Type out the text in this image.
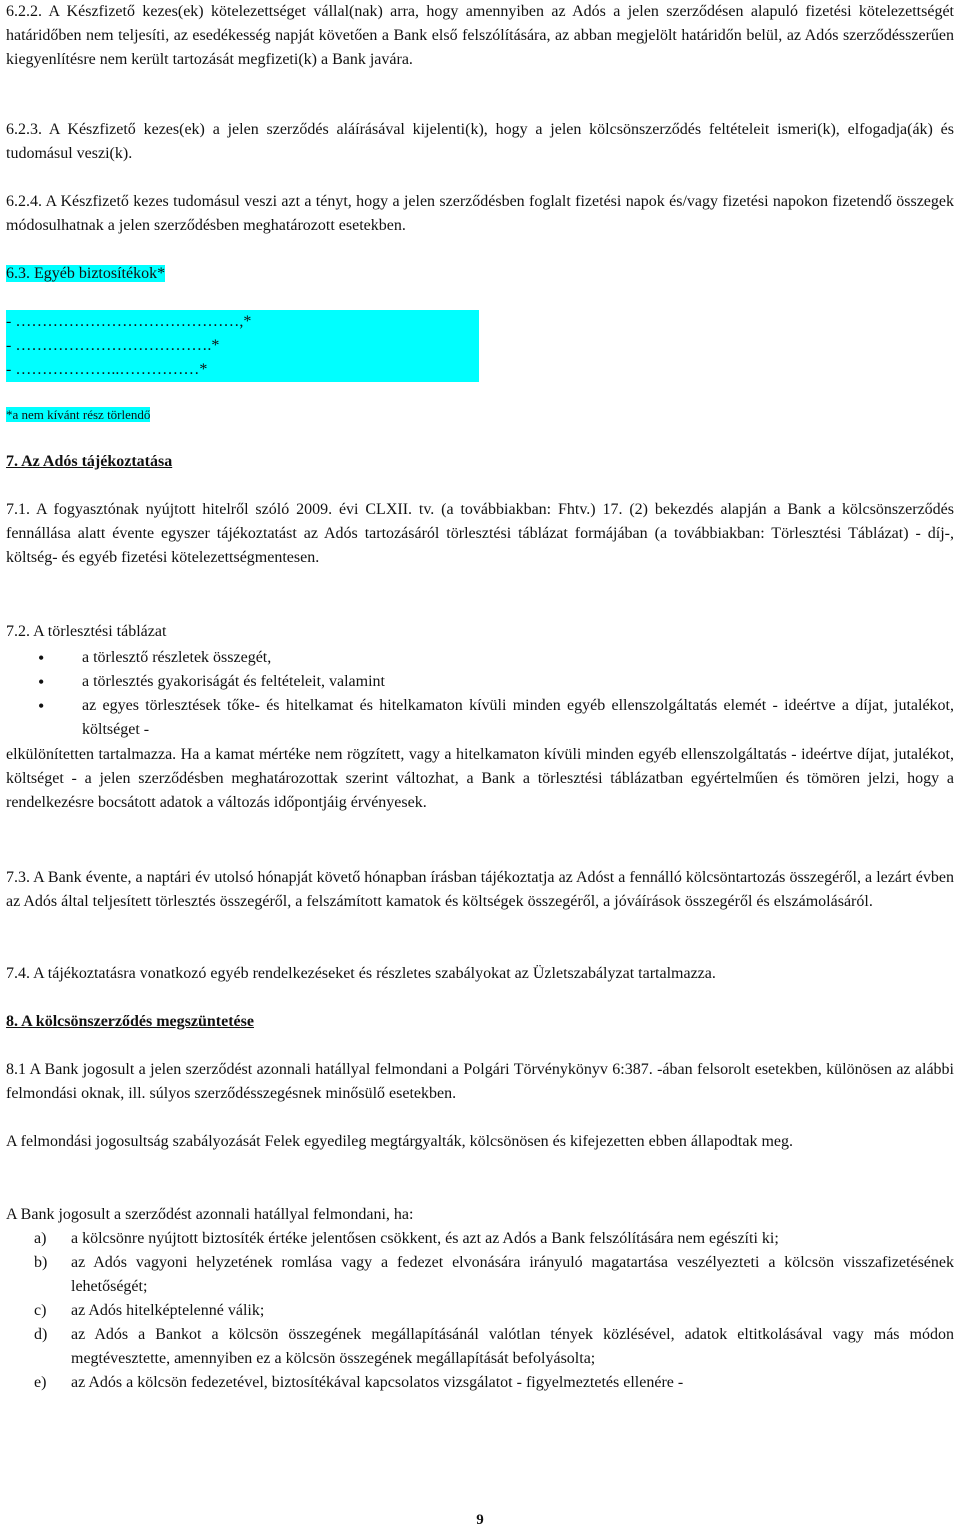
6.2.2. A Készfizető kezes(ek) kötelezettséget vállal(nak) arra, hogy amennyiben az Adós a jelen szerződésen alapuló fizetési kötelezettségét határidőben nem teljesíti, az esedékesség napját követően a Bank első felszólítására, az abban megjelölt határidőn belül, az Adós szerződésszerűen kiegyenlítésre nem került tartozását megfizeti(k) a Bank javára.

6.2.3. A Készfizető kezes(ek) a jelen szerződés aláírásával kijelenti(k), hogy a jelen kölcsönszerződés feltételeit ismeri(k), elfogadja(ák) és tudomásul veszi(k).

6.2.4. A Készfizető kezes tudomásul veszi azt a tényt, hogy a jelen szerződésben foglalt fizetési napok és/vagy fizetési napokon fizetendő összegek módosulhatnak a jelen szerződésben meghatározott esetekben.

6.3. Egyéb biztosítékok*

- ……………………………………,*
- ……………………………….*
- ………………..……………*

*a nem kívánt rész törlendő

7. Az Adós tájékoztatása

7.1. A fogyasztónak nyújtott hitelről szóló 2009. évi CLXII. tv. (a továbbiakban: Fhtv.) 17. (2) bekezdés alapján a Bank a kölcsönszerződés fennállása alatt évente egyszer tájékoztatást az Adós tartozásáról törlesztési táblázat formájában (a továbbiakban: Törlesztési Táblázat) - díj-, költség- és egyéb fizetési kötelezettségmentesen.

7.2. A törlesztési táblázat

• a törlesztő részletek összegét,
• a törlesztés gyakoriságát és feltételeit, valamint
• az egyes törlesztések tőke- és hitelkamat és hitelkamaton kívüli minden egyéb ellenszolgáltatás elemét - ideértve a díjat, jutalékot, költséget -

elkülönítetten tartalmazza. Ha a kamat mértéke nem rögzített, vagy a hitelkamaton kívüli minden egyéb ellenszolgáltatás - ideértve díjat, jutalékot, költséget - a jelen szerződésben meghatározottak szerint változhat, a Bank a törlesztési táblázatban egyértelműen és tömören jelzi, hogy a rendelkezésre bocsátott adatok a változás időpontjáig érvényesek.

7.3. A Bank évente, a naptári év utolsó hónapját követő hónapban írásban tájékoztatja az Adóst a fennálló kölcsöntartozás összegéről, a lezárt évben az Adós által teljesített törlesztés összegéről, a felszámított kamatok és költségek összegéről, a jóváírások összegéről és elszámolásáról.

7.4. A tájékoztatásra vonatkozó egyéb rendelkezéseket és részletes szabályokat az Üzletszabályzat tartalmazza.

8. A kölcsönszerződés megszüntetése

8.1 A Bank jogosult a jelen szerződést azonnali hatállyal felmondani a Polgári Törvénykönyv 6:387. -ában felsorolt esetekben, különösen az alábbi felmondási oknak, ill. súlyos szerződésszegésnek minősülő esetekben.

A felmondási jogosultság szabályozását Felek egyedileg megtárgyalták, kölcsönösen és kifejezetten ebben állapodtak meg.

A Bank jogosult a szerződést azonnali hatállyal felmondani, ha:

a) a kölcsönre nyújtott biztosíték értéke jelentősen csökkent, és azt az Adós a Bank felszólítására nem egészíti ki;
b) az Adós vagyoni helyzetének romlása vagy a fedezet elvonására irányuló magatartása veszélyezteti a kölcsön visszafizetésének lehetőségét;
c) az Adós hitelképtelenné válik;
d) az Adós a Bankot a kölcsön összegének megállapításánál valótlan tények közlésével, adatok eltitkolásával vagy más módon megtévesztette, amennyiben ez a kölcsön összegének megállapítását befolyásolta;
e) az Adós a kölcsön fedezetével, biztosítékával kapcsolatos vizsgálatot - figyelmeztetés ellenére -
9
